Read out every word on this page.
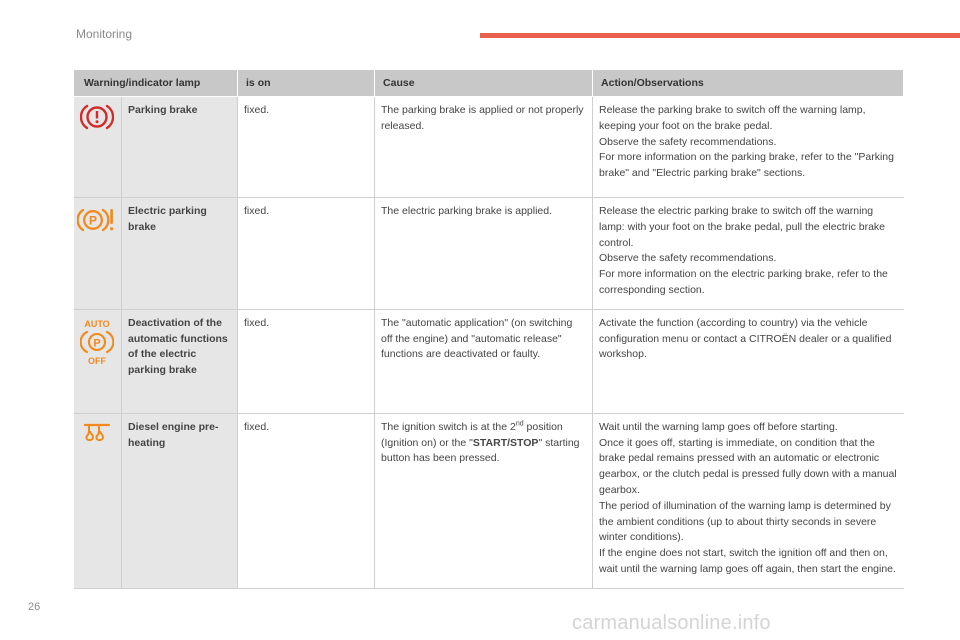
Monitoring
Warning/indicator lamp		is on	Cause	Action/Observations

	Parking brake	fixed.	The parking brake is applied or not properly released.	Release the parking brake to switch off the warning lamp, keeping your foot on the brake pedal.
Observe the safety recommendations.
For more information on the parking brake, refer to the "Parking brake" and "Electric parking brake" sections.

P	Electric parking brake	fixed.	The electric parking brake is applied.	Release the electric parking brake to switch off the warning lamp: with your foot on the brake pedal, pull the electric brake control.
Observe the safety recommendations.
For more information on the electric parking brake, refer to the corresponding section.

AUTO
P
OFF	Deactivation of the automatic functions of the electric parking brake	fixed.	The "automatic application" (on switching off the engine) and "automatic release" functions are deactivated or faulty.	Activate the function (according to country) via the vehicle configuration menu or contact a CITROËN dealer or a qualified workshop.

	Diesel engine pre-heating	fixed.	The ignition switch is at the 2nd position (Ignition on) or the "START/STOP" starting button has been pressed.	Wait until the warning lamp goes off before starting.
Once it goes off, starting is immediate, on condition that the brake pedal remains pressed with an automatic or electronic gearbox, or the clutch pedal is pressed fully down with a manual gearbox.
The period of illumination of the warning lamp is determined by the ambient conditions (up to about thirty seconds in severe winter conditions).
If the engine does not start, switch the ignition off and then on, wait until the warning lamp goes off again, then start the engine.
26
carmanualsonline.info
